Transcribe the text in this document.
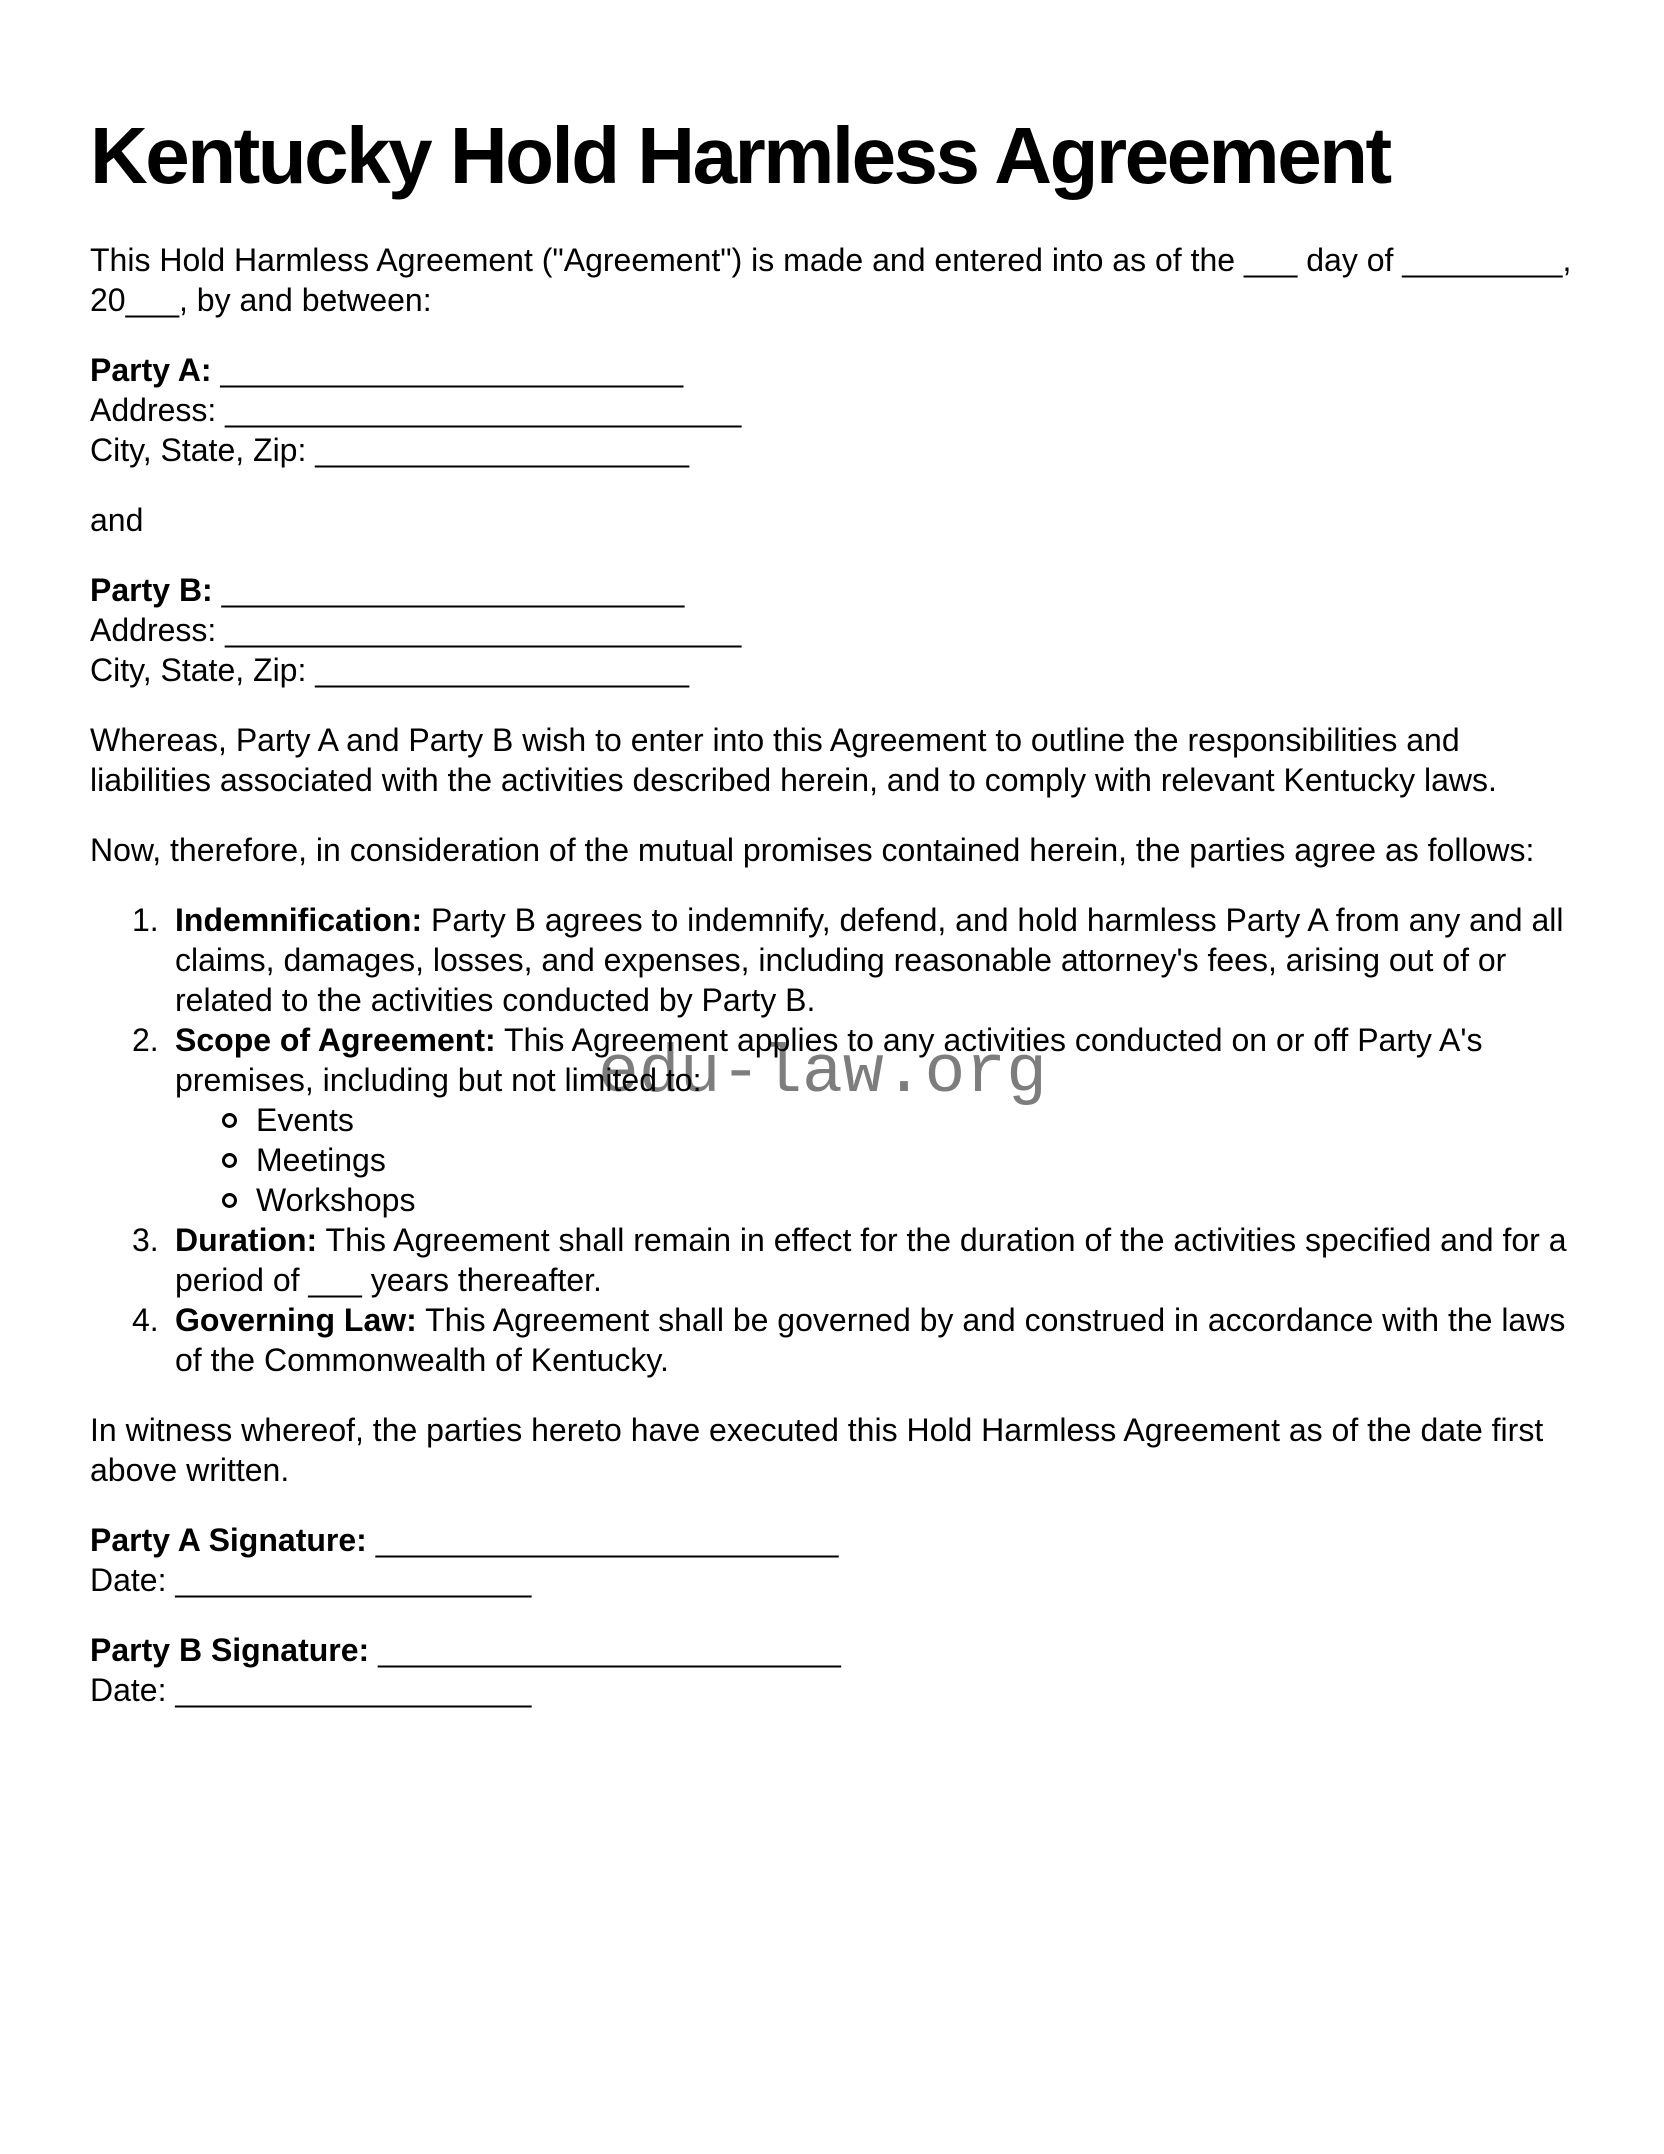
edu-law.org
Kentucky Hold Harmless Agreement

This Hold Harmless Agreement ("Agreement") is made and entered into as of the ___ day of _________, 20___, by and between:

Party A: __________________________
Address: _____________________________
City, State, Zip: _____________________

and

Party B: __________________________
Address: _____________________________
City, State, Zip: _____________________

Whereas, Party A and Party B wish to enter into this Agreement to outline the responsibilities and liabilities associated with the activities described herein, and to comply with relevant Kentucky laws.

Now, therefore, in consideration of the mutual promises contained herein, the parties agree as follows:

1. Indemnification: Party B agrees to indemnify, defend, and hold harmless Party A from any and all claims, damages, losses, and expenses, including reasonable attorney's fees, arising out of or related to the activities conducted by Party B.
2. Scope of Agreement: This Agreement applies to any activities conducted on or off Party A's premises, including but not limited to:
Events
Meetings
Workshops
3. Duration: This Agreement shall remain in effect for the duration of the activities specified and for a period of ___ years thereafter.
4. Governing Law: This Agreement shall be governed by and construed in accordance with the laws of the Commonwealth of Kentucky.

In witness whereof, the parties hereto have executed this Hold Harmless Agreement as of the date first above written.

Party A Signature: __________________________
Date: ____________________
Party B Signature: __________________________
Date: ____________________
